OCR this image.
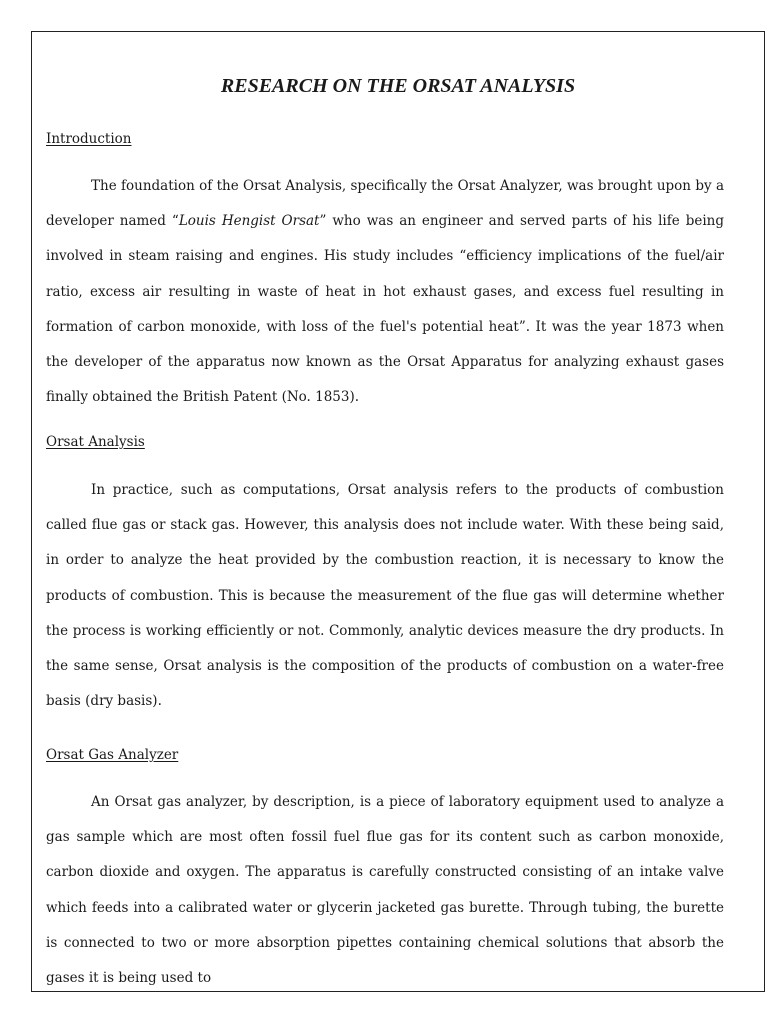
RESEARCH ON THE ORSAT ANALYSIS
Introduction

The foundation of the Orsat Analysis, specifically the Orsat Analyzer, was brought upon by a developer named “Louis Hengist Orsat” who was an engineer and served parts of his life being involved in steam raising and engines. His study includes “efficiency implications of the fuel/air ratio, excess air resulting in waste of heat in hot exhaust gases, and excess fuel resulting in formation of carbon monoxide, with loss of the fuel's potential heat”. It was the year 1873 when the developer of the apparatus now known as the Orsat Apparatus for analyzing exhaust gases finally obtained the British Patent (No. 1853).

Orsat Analysis

In practice, such as computations, Orsat analysis refers to the products of combustion called flue gas or stack gas. However, this analysis does not include water. With these being said, in order to analyze the heat provided by the combustion reaction, it is necessary to know the products of combustion. This is because the measurement of the flue gas will determine whether the process is working efficiently or not. Commonly, analytic devices measure the dry products. In the same sense, Orsat analysis is the composition of the products of combustion on a water-free basis (dry basis).

Orsat Gas Analyzer

An Orsat gas analyzer, by description, is a piece of laboratory equipment used to analyze a gas sample which are most often fossil fuel flue gas for its content such as carbon monoxide, carbon dioxide and oxygen. The apparatus is carefully constructed consisting of an intake valve which feeds into a calibrated water or glycerin jacketed gas burette. Through tubing, the burette is connected to two or more absorption pipettes containing chemical solutions that absorb the gases it is being used to
